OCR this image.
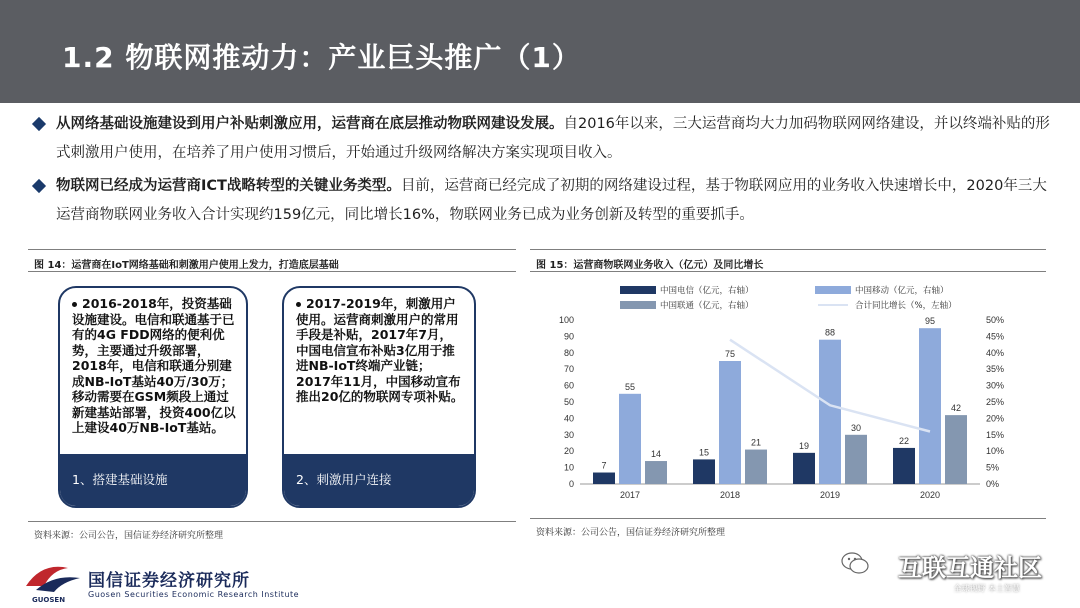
1.2 物联网推动力：产业巨头推广（1）
从网络基础设施建设到用户补贴刺激应用，运营商在底层推动物联网建设发展。自2016年以来，三大运营商均大力加码物联网网络建设，并以终端补贴的形式刺激用户使用，在培养了用户使用习惯后，开始通过升级网络解决方案实现项目收入。
物联网已经成为运营商ICT战略转型的关键业务类型。目前，运营商已经完成了初期的网络建设过程，基于物联网应用的业务收入快速增长中，2020年三大运营商物联网业务收入合计实现约159亿元，同比增长16%，物联网业务已成为业务创新及转型的重要抓手。
图 14：运营商在IoT网络基础和刺激用户使用上发力，打造底层基础
2016-2018年，投资基础设施建设。电信和联通基于已有的4G FDD网络的便利优势，主要通过升级部署，2018年，电信和联通分别建成NB-IoT基站40万/30万；移动需要在GSM频段上通过新建基站部署，投资400亿以上建设40万NB-IoT基站。
1、搭建基础设施
2017-2019年，刺激用户使用。运营商刺激用户的常用手段是补贴，2017年7月，中国电信宣布补贴3亿用于推进NB-IoT终端产业链；2017年11月，中国移动宣布推出20亿的物联网专项补贴。
2、刺激用户连接
资料来源：公司公告，国信证券经济研究所整理
图 15：运营商物联网业务收入（亿元）及同比增长
中国电信（亿元，右轴）	中国移动（亿元，右轴）
中国联通（亿元，右轴）	合计同比增长（%，左轴）
0
10
20
30
40
50
60
70
80
90
100
0%
5%
10%
15%
20%
25%
30%
35%
40%
45%
50%
2017
7
55
14
2018
15
75
21
2019
19
88
30
2020
22
95
42
资料来源：公司公告，国信证券经济研究所整理
国信证券经济研究所
Guosen Securities Economic Research Institute
GUOSEN
互联互通社区
全球视野 本土智慧
